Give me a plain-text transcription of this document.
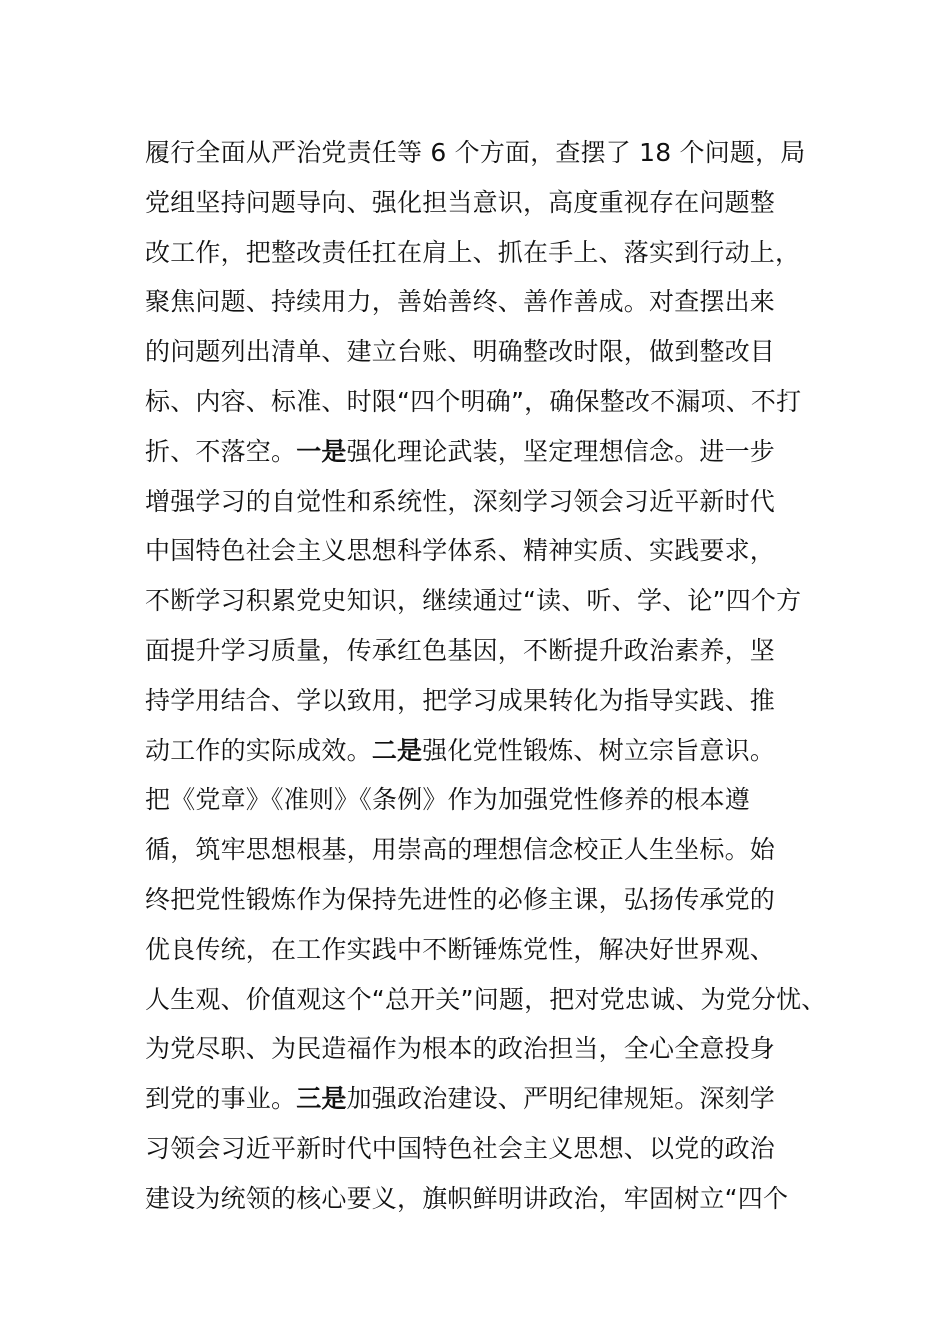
履行全面从严治党责任等 6 个方面，查摆了 18 个问题，局
党组坚持问题导向、强化担当意识，高度重视存在问题整
改工作，把整改责任扛在肩上、抓在手上、落实到行动上，
聚焦问题、持续用力，善始善终、善作善成。对查摆出来
的问题列出清单、建立台账、明确整改时限，做到整改目
标、内容、标准、时限“四个明确”，确保整改不漏项、不打
折、不落空。一是强化理论武装，坚定理想信念。进一步
增强学习的自觉性和系统性，深刻学习领会习近平新时代
中国特色社会主义思想科学体系、精神实质、实践要求，
不断学习积累党史知识，继续通过“读、听、学、论”四个方
面提升学习质量，传承红色基因，不断提升政治素养，坚
持学用结合、学以致用，把学习成果转化为指导实践、推
动工作的实际成效。二是强化党性锻炼、树立宗旨意识。
把《党章》《准则》《条例》作为加强党性修养的根本遵
循，筑牢思想根基，用崇高的理想信念校正人生坐标。始
终把党性锻炼作为保持先进性的必修主课，弘扬传承党的
优良传统，在工作实践中不断锤炼党性，解决好世界观、
人生观、价值观这个“总开关”问题，把对党忠诚、为党分忧、
为党尽职、为民造福作为根本的政治担当，全心全意投身
到党的事业。三是加强政治建设、严明纪律规矩。深刻学
习领会习近平新时代中国特色社会主义思想、以党的政治
建设为统领的核心要义，旗帜鲜明讲政治，牢固树立“四个
